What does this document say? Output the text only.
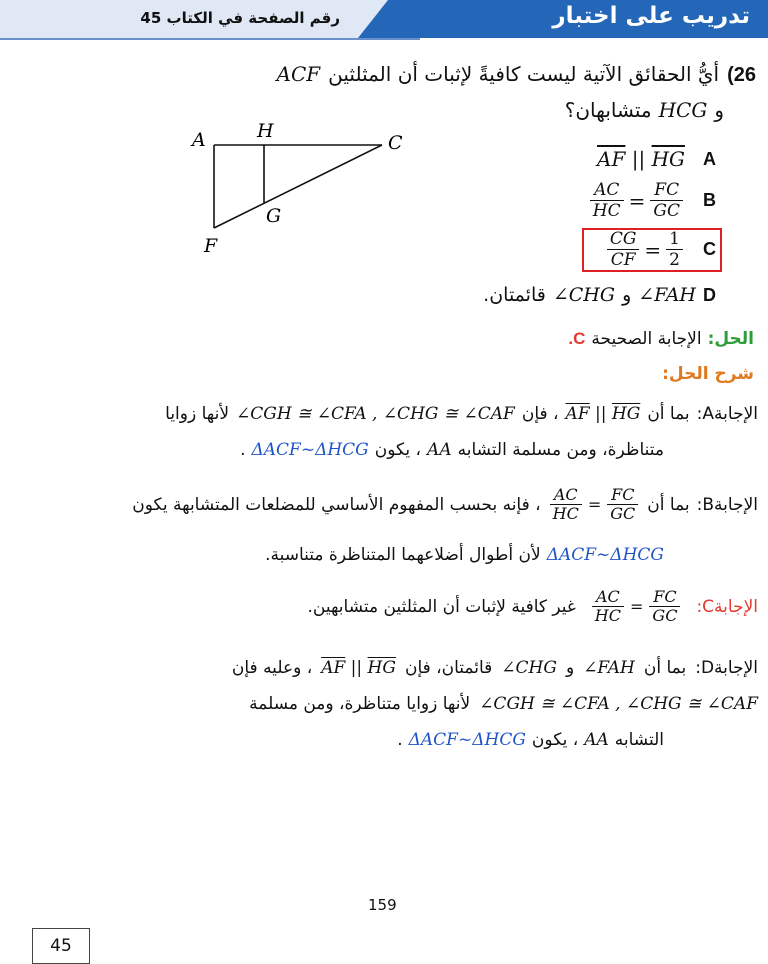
تدريب على اختبار
رقم الصفحة في الكتاب 45
26)
أيُّ الحقائق الآتية ليست كافيةً لإثبات أن المثلثين
ACF
و
HCG
متشابهان؟
A	H
C
G
F
$\overline{AF}$ || $\overline{HG}$ A
$\frac{AC}{HC} = \frac{FC}{GC}$ B
$\frac{CG}{CF} = \frac{1}{2}$ C
D
∠FAH
و
∠CHG
قائمتان.
الحل:
الإجابة الصحيحة
C.
شرح الحل:
الإجابةA:
بما أن
$\overline{AF}$ || $\overline{HG}$
، فإن
∠CGH ≅ ∠CFA , ∠CHG ≅ ∠CAF
لأنها زوايا
متناظرة، ومن مسلمة التشابه
AA
، يكون
ΔACF~ΔHCG
.
الإجابةB:
بما أن
$\frac{AC}{HC} = \frac{FC}{GC}$
، فإنه بحسب المفهوم الأساسي للمضلعات المتشابهة يكون
ΔACF~ΔHCG
لأن أطوال أضلاعهما المتناظرة متناسبة.
الإجابةC:
$\frac{AC}{HC} = \frac{FC}{GC}$
غير كافية لإثبات أن المثلثين متشابهين.
الإجابةD:
بما أن
∠FAH
و
∠CHG
قائمتان، فإن
$\overline{AF}$ || $\overline{HG}$
، وعليه فإن
∠CGH ≅ ∠CFA , ∠CHG ≅ ∠CAF
لأنها زوايا متناظرة، ومن مسلمة
التشابه
AA
، يكون
ΔACF~ΔHCG
.
159
45
